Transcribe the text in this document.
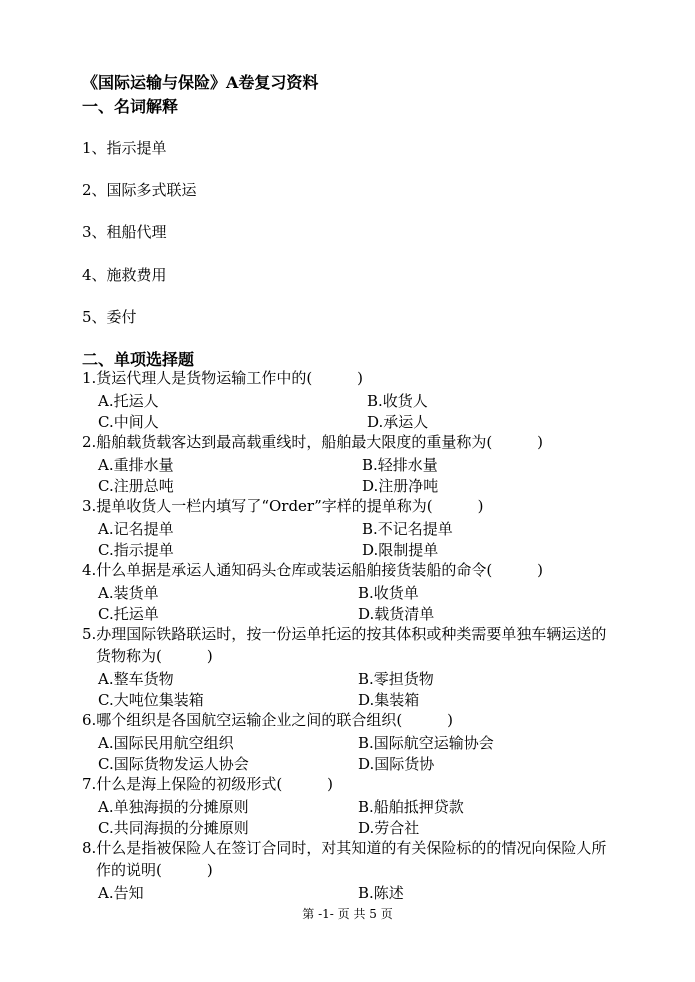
《国际运输与保险》A卷复习资料
一、名词解释
1、指示提单
2、国际多式联运
3、租船代理
4、施救费用
5、委付
二、单项选择题
1.货运代理人是货物运输工作中的(　　　)
A.托运人	B.收货人
C.中间人	D.承运人
2.船舶载货载客达到最高载重线时，船舶最大限度的重量称为(　　　)
A.重排水量	B.轻排水量
C.注册总吨	D.注册净吨
3.提单收货人一栏内填写了“Order”字样的提单称为(　　　)
A.记名提单	B.不记名提单
C.指示提单	D.限制提单
4.什么单据是承运人通知码头仓库或装运船舶接货装船的命令(　　　)
A.装货单	B.收货单
C.托运单	D.载货清单
5.办理国际铁路联运时，按一份运单托运的按其体积或种类需要单独车辆运送的
货物称为(　　　)
A.整车货物	B.零担货物
C.大吨位集装箱	D.集装箱
6.哪个组织是各国航空运输企业之间的联合组织(　　　)
A.国际民用航空组织	B.国际航空运输协会
C.国际货物发运人协会	D.国际货协
7.什么是海上保险的初级形式(　　　)
A.单独海损的分摊原则	B.船舶抵押贷款
C.共同海损的分摊原则	D.劳合社
8.什么是指被保险人在签订合同时，对其知道的有关保险标的的情况向保险人所
作的说明(　　　)
A.告知	B.陈述
第 -1- 页 共 5 页
